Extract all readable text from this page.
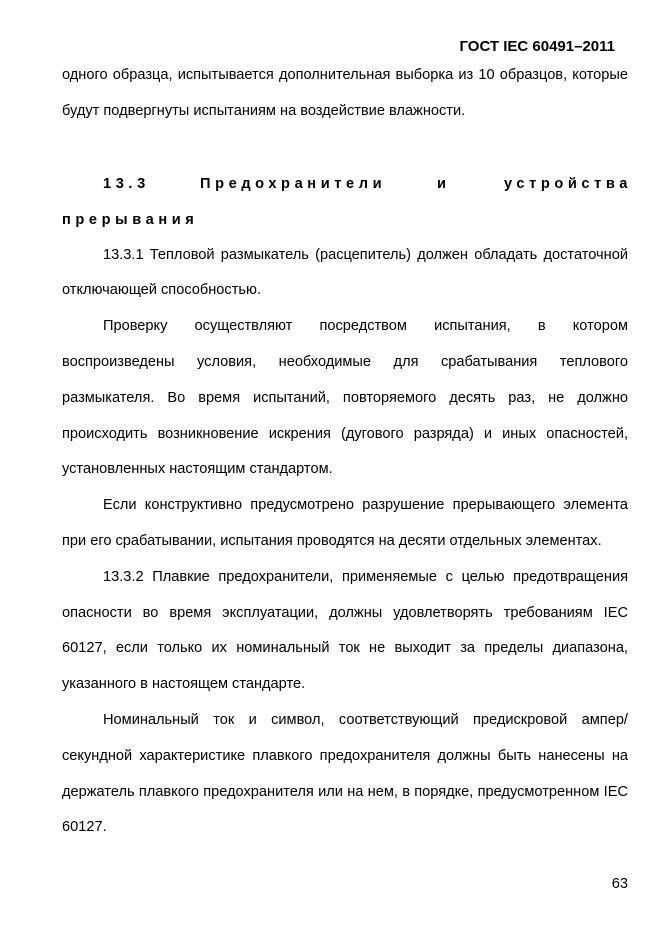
ГОСТ IEC 60491–2011

одного образца, испытывается дополнительная выборка из 10 образцов, которые будут подвергнуты испытаниям на воздействие влажности.

13.3	Предохранители	и	устройства
прерывания

13.3.1 Тепловой размыкатель (расцепитель) должен обладать достаточной отключающей способностью.

Проверку осуществляют посредством испытания, в котором воспроизведены условия, необходимые для срабатывания теплового размыкателя. Во время испытаний, повторяемого десять раз, не должно происходить возникновение искрения (дугового разряда) и иных опасностей, установленных настоящим стандартом.

Если конструктивно предусмотрено разрушение прерывающего элемента при его срабатывании, испытания проводятся на десяти отдельных элементах.

13.3.2 Плавкие предохранители, применяемые с целью предотвращения опасности во время эксплуатации, должны удовлетворять требованиям IEC 60127, если только их номинальный ток не выходит за пределы диапазона, указанного в настоящем стандарте.

Номинальный ток и символ, соответствующий предискровой ампер/секундной характеристике плавкого предохранителя должны быть нанесены на держатель плавкого предохранителя или на нем, в порядке, предусмотренном IEC 60127.

63
